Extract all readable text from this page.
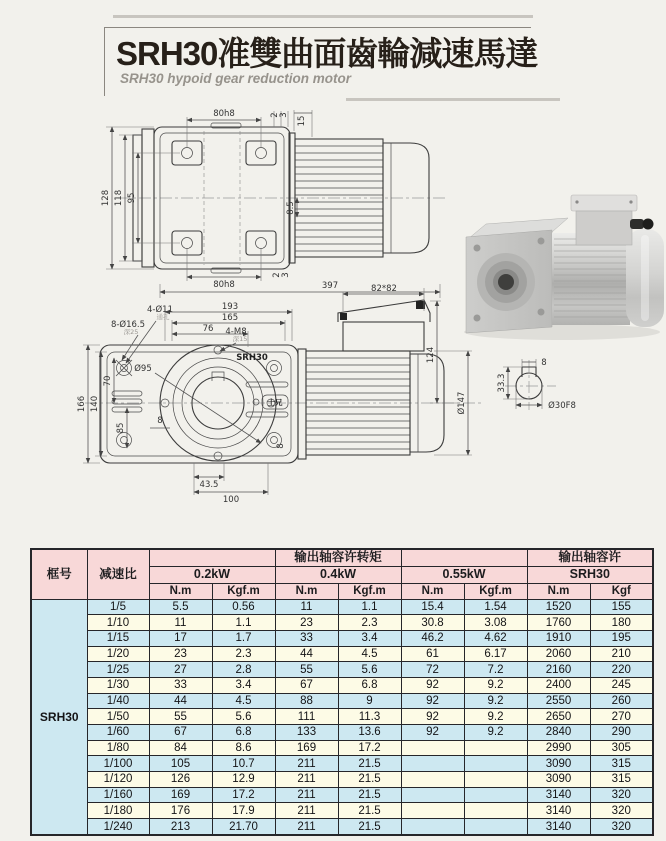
SRH30准雙曲面齒輪減速馬達
SRH30 hypoid gear reduction motor
80h8	2 3
15
128 118 95
8.5
80h8
2 3
397
SRH30
士兄
8
82*82
124
Ø147
193
165
76
4-Ø11
通孔
8-Ø16.5
深25	4-M8
深15
Ø95
166 140
70
85
8
43.5
100
8
33.3
Ø30F8
框号	减速比			输出轴容许转矩				输出轴容许	
		0.2kW		0.4kW		0.55kW		SRH30	
		N.m	Kgf.m	N.m	Kgf.m	N.m	Kgf.m	N.m	Kgf
SRH30	1/5	5.5	0.56	11	1.1	15.4	1.54	1520	155
	1/10	11	1.1	23	2.3	30.8	3.08	1760	180
	1/15	17	1.7	33	3.4	46.2	4.62	1910	195
	1/20	23	2.3	44	4.5	61	6.17	2060	210
	1/25	27	2.8	55	5.6	72	7.2	2160	220
	1/30	33	3.4	67	6.8	92	9.2	2400	245
	1/40	44	4.5	88	9	92	9.2	2550	260
	1/50	55	5.6	111	11.3	92	9.2	2650	270
	1/60	67	6.8	133	13.6	92	9.2	2840	290
	1/80	84	8.6	169	17.2			2990	305
	1/100	105	10.7	211	21.5			3090	315
	1/120	126	12.9	211	21.5			3090	315
	1/160	169	17.2	211	21.5			3140	320
	1/180	176	17.9	211	21.5			3140	320
	1/240	213	21.70	211	21.5			3140	320
